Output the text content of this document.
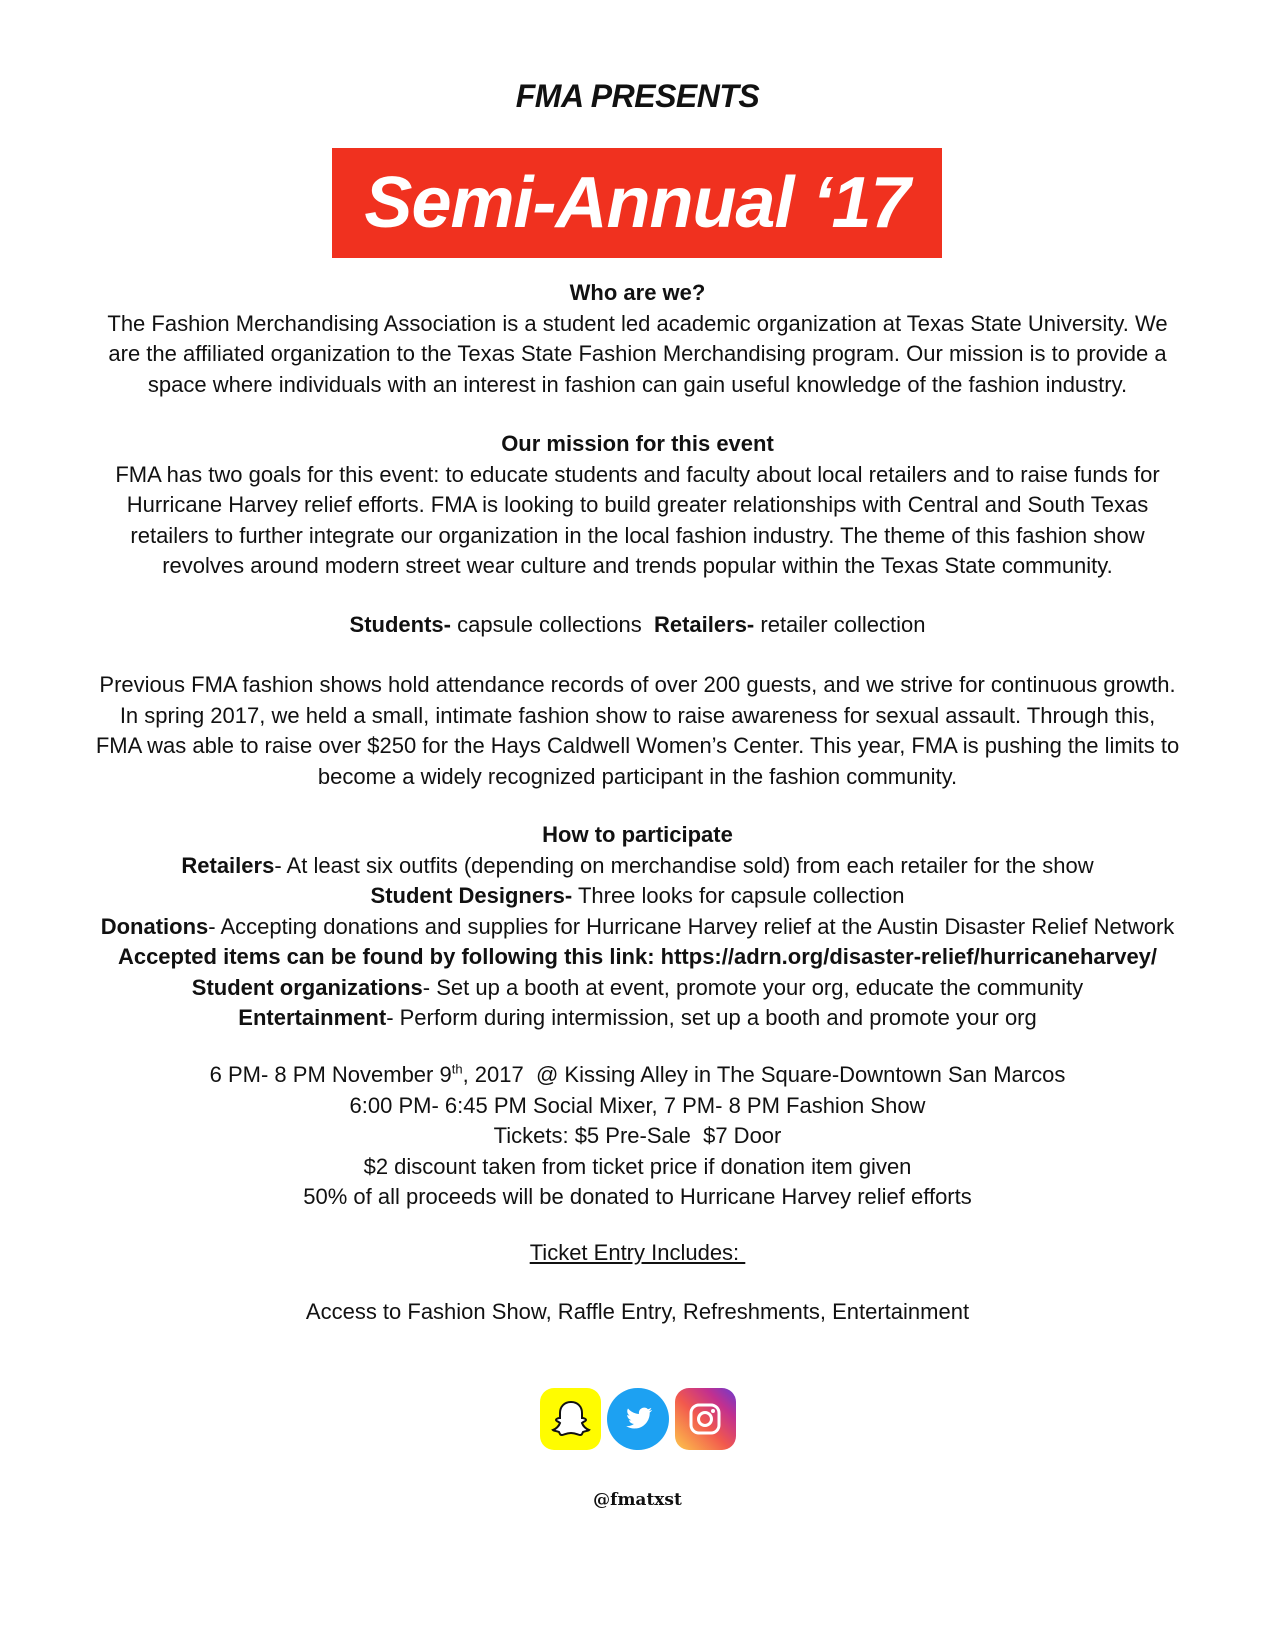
FMA PRESENTS
Semi-Annual ‘17

Who are we?

The Fashion Merchandising Association is a student led academic organization at Texas State University. We

are the affiliated organization to the Texas State Fashion Merchandising program. Our mission is to provide a

space where individuals with an interest in fashion can gain useful knowledge of the fashion industry.

Our mission for this event

FMA has two goals for this event: to educate students and faculty about local retailers and to raise funds for

Hurricane Harvey relief efforts. FMA is looking to build greater relationships with Central and South Texas

retailers to further integrate our organization in the local fashion industry. The theme of this fashion show

revolves around modern street wear culture and trends popular within the Texas State community.

Students- capsule collections  Retailers- retailer collection

Previous FMA fashion shows hold attendance records of over 200 guests, and we strive for continuous growth.

In spring 2017, we held a small, intimate fashion show to raise awareness for sexual assault. Through this,

FMA was able to raise over $250 for the Hays Caldwell Women’s Center. This year, FMA is pushing the limits to

become a widely recognized participant in the fashion community.

How to participate

Retailers- At least six outfits (depending on merchandise sold) from each retailer for the show

Student Designers- Three looks for capsule collection

Donations- Accepting donations and supplies for Hurricane Harvey relief at the Austin Disaster Relief Network

Accepted items can be found by following this link: https://adrn.org/disaster-relief/hurricaneharvey/

Student organizations- Set up a booth at event, promote your org, educate the community

Entertainment- Perform during intermission, set up a booth and promote your org

6 PM- 8 PM November 9th, 2017  @ Kissing Alley in The Square-Downtown San Marcos

6:00 PM- 6:45 PM Social Mixer, 7 PM- 8 PM Fashion Show

Tickets: $5 Pre-Sale  $7 Door

$2 discount taken from ticket price if donation item given

50% of all proceeds will be donated to Hurricane Harvey relief efforts

Ticket Entry Includes:

Access to Fashion Show, Raffle Entry, Refreshments, Entertainment

@fmatxst
